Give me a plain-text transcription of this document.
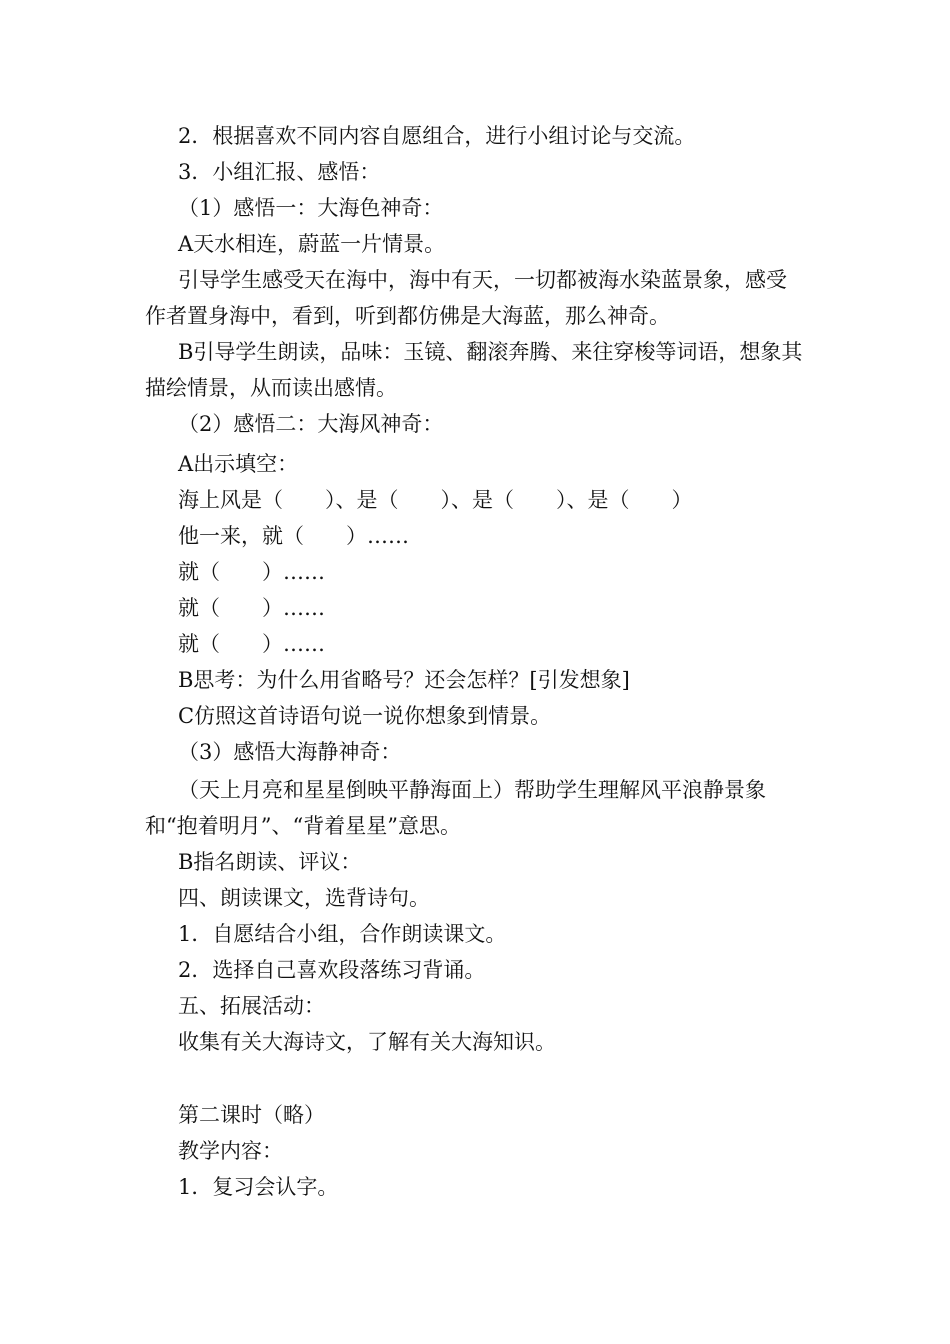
2．根据喜欢不同内容自愿组合，进行小组讨论与交流。
3．小组汇报、感悟：
（1）感悟一：大海色神奇：
A天水相连，蔚蓝一片情景。
引导学生感受天在海中，海中有天，一切都被海水染蓝景象，感受
作者置身海中，看到，听到都仿佛是大海蓝，那么神奇。
B引导学生朗读，品味：玉镜、翻滚奔腾、来往穿梭等词语，想象其
描绘情景，从而读出感情。
（2）感悟二：大海风神奇：
A出示填空：
海上风是（　　）、是（　　）、是（　　）、是（　　）
他一来，就（　　）……
就（　　）……
就（　　）……
就（　　）……
B思考：为什么用省略号？还会怎样？[引发想象]
C仿照这首诗语句说一说你想象到情景。
（3）感悟大海静神奇：
（天上月亮和星星倒映平静海面上）帮助学生理解风平浪静景象
和“抱着明月”、“背着星星”意思。
B指名朗读、评议：
四、朗读课文，选背诗句。
1．自愿结合小组，合作朗读课文。
2．选择自己喜欢段落练习背诵。
五、拓展活动：
收集有关大海诗文，了解有关大海知识。
第二课时（略）
教学内容：
1．复习会认字。
